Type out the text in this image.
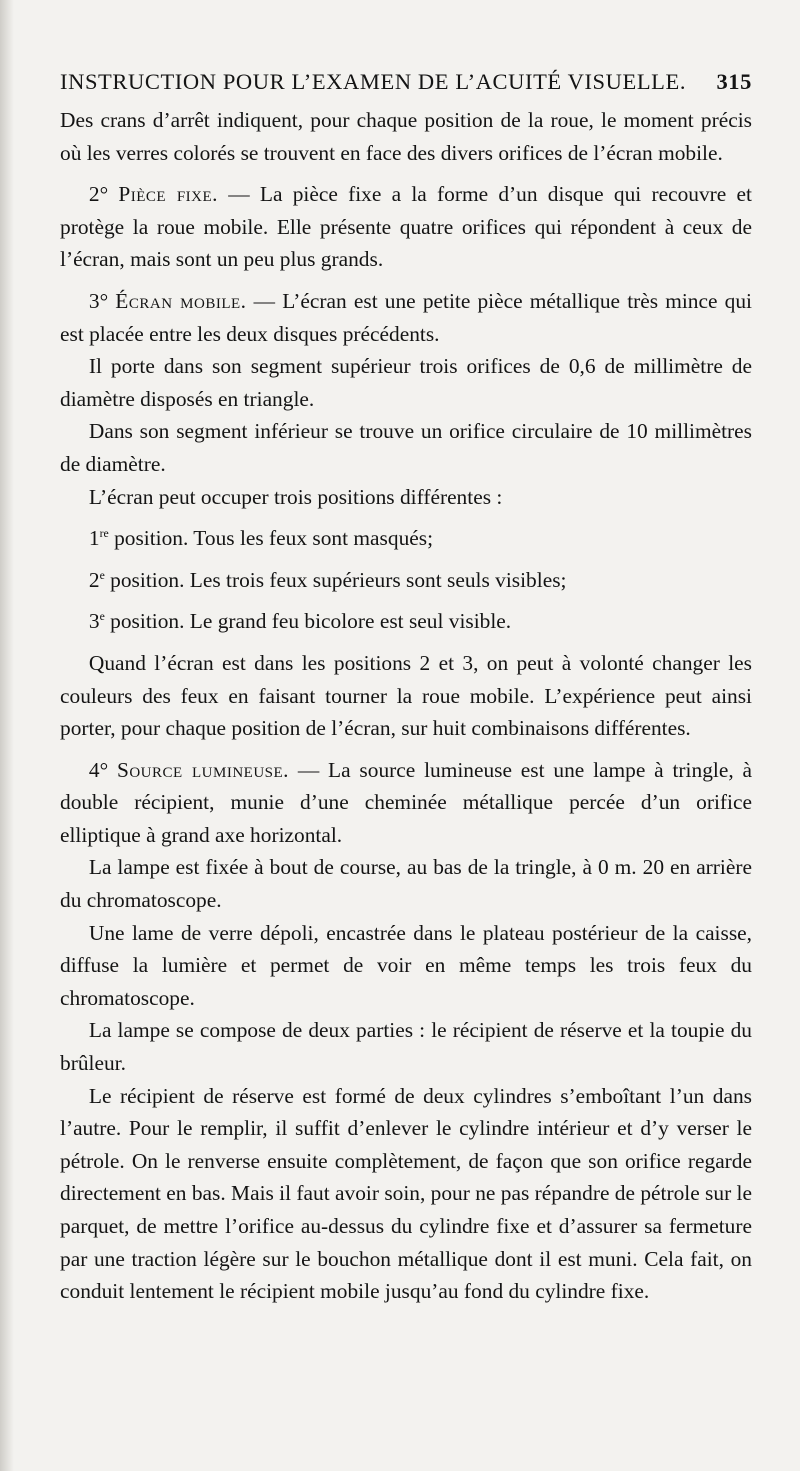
INSTRUCTION POUR L’EXAMEN DE L’ACUITÉ VISUELLE. 315

Des crans d’arrêt indiquent, pour chaque position de la roue, le moment précis où les verres colorés se trouvent en face des divers orifices de l’écran mobile.

2° Pièce fixe. — La pièce fixe a la forme d’un disque qui recouvre et protège la roue mobile. Elle présente quatre orifices qui répondent à ceux de l’écran, mais sont un peu plus grands.

3° Écran mobile. — L’écran est une petite pièce métallique très mince qui est placée entre les deux disques précédents.

Il porte dans son segment supérieur trois orifices de 0,6 de millimètre de diamètre disposés en triangle.

Dans son segment inférieur se trouve un orifice circulaire de 10 millimètres de diamètre.

L’écran peut occuper trois positions différentes :

1re position. Tous les feux sont masqués;

2e position. Les trois feux supérieurs sont seuls visibles;

3e position. Le grand feu bicolore est seul visible.

Quand l’écran est dans les positions 2 et 3, on peut à volonté changer les couleurs des feux en faisant tourner la roue mobile. L’expérience peut ainsi porter, pour chaque position de l’écran, sur huit combinaisons différentes.

4° Source lumineuse. — La source lumineuse est une lampe à tringle, à double récipient, munie d’une cheminée métallique percée d’un orifice elliptique à grand axe horizontal.

La lampe est fixée à bout de course, au bas de la tringle, à 0 m. 20 en arrière du chromatoscope.

Une lame de verre dépoli, encastrée dans le plateau postérieur de la caisse, diffuse la lumière et permet de voir en même temps les trois feux du chromatoscope.

La lampe se compose de deux parties : le récipient de réserve et la toupie du brûleur.

Le récipient de réserve est formé de deux cylindres s’emboîtant l’un dans l’autre. Pour le remplir, il suffit d’enlever le cylindre intérieur et d’y verser le pétrole. On le renverse ensuite complètement, de façon que son orifice regarde directement en bas. Mais il faut avoir soin, pour ne pas répandre de pétrole sur le parquet, de mettre l’orifice au-dessus du cylindre fixe et d’assurer sa fermeture par une traction légère sur le bouchon métallique dont il est muni. Cela fait, on conduit lentement le récipient mobile jusqu’au fond du cylindre fixe.
